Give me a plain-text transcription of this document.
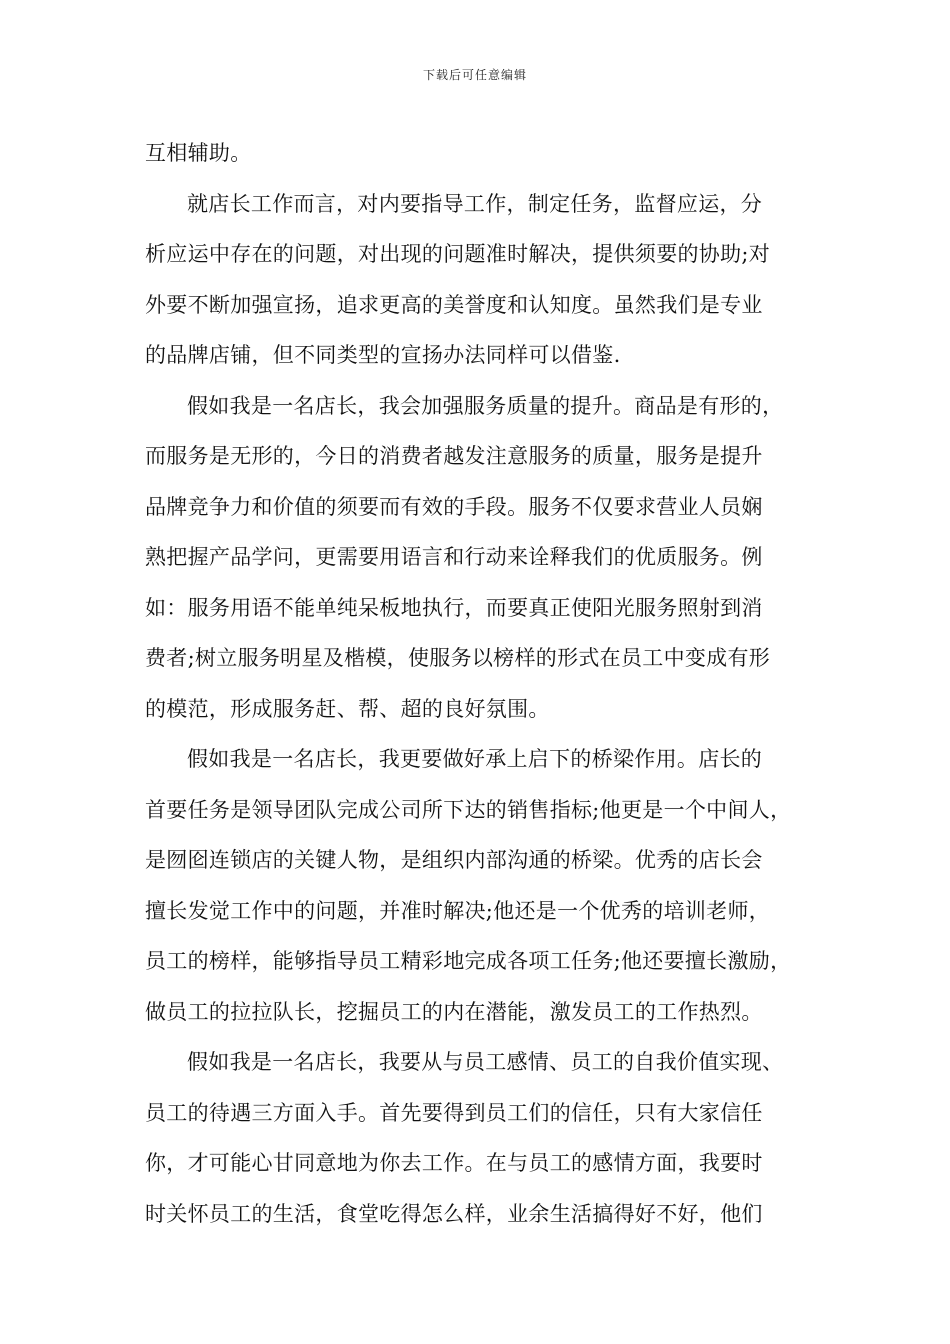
下载后可任意编辑
互相辅助。
就店长工作而言，对内要指导工作，制定任务，监督应运，分
析应运中存在的问题，对出现的问题准时解决，提供须要的协助;对
外要不断加强宣扬，追求更高的美誉度和认知度。虽然我们是专业
的品牌店铺，但不同类型的宣扬办法同样可以借鉴.
假如我是一名店长，我会加强服务质量的提升。商品是有形的，
而服务是无形的，今日的消费者越发注意服务的质量，服务是提升
品牌竞争力和价值的须要而有效的手段。服务不仅要求营业人员娴
熟把握产品学问，更需要用语言和行动来诠释我们的优质服务。例
如：服务用语不能单纯呆板地执行，而要真正使阳光服务照射到消
费者;树立服务明星及楷模，使服务以榜样的形式在员工中变成有形
的模范，形成服务赶、帮、超的良好氛围。
假如我是一名店长，我更要做好承上启下的桥梁作用。店长的
首要任务是领导团队完成公司所下达的销售指标;他更是一个中间人，
是囫囵连锁店的关键人物，是组织内部沟通的桥梁。优秀的店长会
擅长发觉工作中的问题，并准时解决;他还是一个优秀的培训老师，
员工的榜样，能够指导员工精彩地完成各项工任务;他还要擅长激励，
做员工的拉拉队长，挖掘员工的内在潜能，激发员工的工作热烈。
假如我是一名店长，我要从与员工感情、员工的自我价值实现、
员工的待遇三方面入手。首先要得到员工们的信任，只有大家信任
你，才可能心甘同意地为你去工作。在与员工的感情方面，我要时
时关怀员工的生活，食堂吃得怎么样，业余生活搞得好不好，他们
